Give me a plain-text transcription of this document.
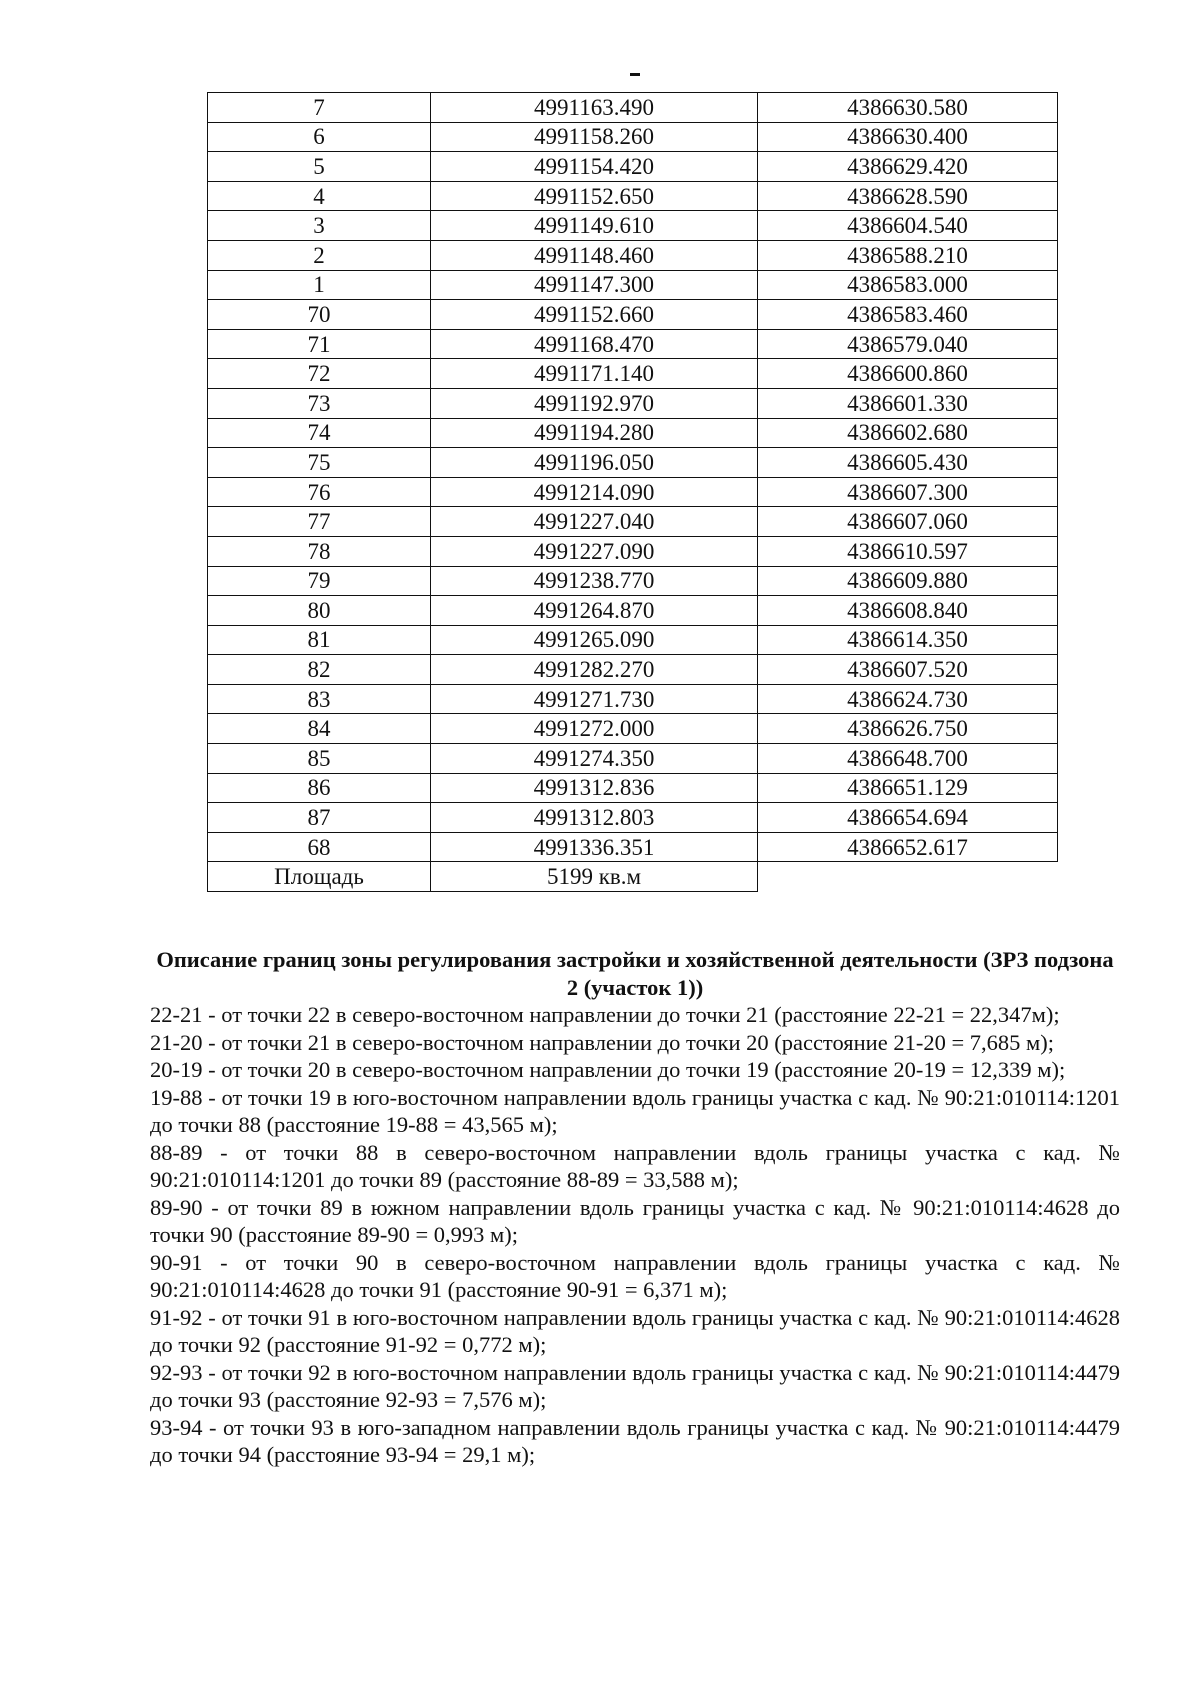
7	4991163.490	4386630.580
6	4991158.260	4386630.400
5	4991154.420	4386629.420
4	4991152.650	4386628.590
3	4991149.610	4386604.540
2	4991148.460	4386588.210
1	4991147.300	4386583.000
70	4991152.660	4386583.460
71	4991168.470	4386579.040
72	4991171.140	4386600.860
73	4991192.970	4386601.330
74	4991194.280	4386602.680
75	4991196.050	4386605.430
76	4991214.090	4386607.300
77	4991227.040	4386607.060
78	4991227.090	4386610.597
79	4991238.770	4386609.880
80	4991264.870	4386608.840
81	4991265.090	4386614.350
82	4991282.270	4386607.520
83	4991271.730	4386624.730
84	4991272.000	4386626.750
85	4991274.350	4386648.700
86	4991312.836	4386651.129
87	4991312.803	4386654.694
68	4991336.351	4386652.617
Площадь	5199 кв.м	
Описание границ зоны регулирования застройки и хозяйственной деятельности (ЗРЗ подзона 2 (участок 1))
22-21 - от точки 22 в северо-восточном направлении до точки 21 (расстояние 22-21 = 22,347м);
21-20 - от точки 21 в северо-восточном направлении до точки 20 (расстояние 21-20 = 7,685 м);
20-19 - от точки 20 в северо-восточном направлении до точки 19 (расстояние 20-19 = 12,339 м);
19-88 - от точки 19 в юго-восточном направлении вдоль границы участка с кад. № 90:21:010114:1201 до точки 88 (расстояние 19-88 = 43,565 м);
88-89 - от точки 88 в северо-восточном направлении вдоль границы участка с кад. № 90:21:010114:1201 до точки 89 (расстояние 88-89 = 33,588 м);
89-90 - от точки 89 в южном направлении вдоль границы участка с кад. № 90:21:010114:4628 до точки 90 (расстояние 89-90 = 0,993 м);
90-91 - от точки 90 в северо-восточном направлении вдоль границы участка с кад. № 90:21:010114:4628 до точки 91 (расстояние 90-91 = 6,371 м);
91-92 - от точки 91 в юго-восточном направлении вдоль границы участка с кад. № 90:21:010114:4628 до точки 92 (расстояние 91-92 = 0,772 м);
92-93 - от точки 92 в юго-восточном направлении вдоль границы участка с кад. № 90:21:010114:4479 до точки 93 (расстояние 92-93 = 7,576 м);
93-94 - от точки 93 в юго-западном направлении вдоль границы участка с кад. № 90:21:010114:4479 до точки 94 (расстояние 93-94 = 29,1 м);
